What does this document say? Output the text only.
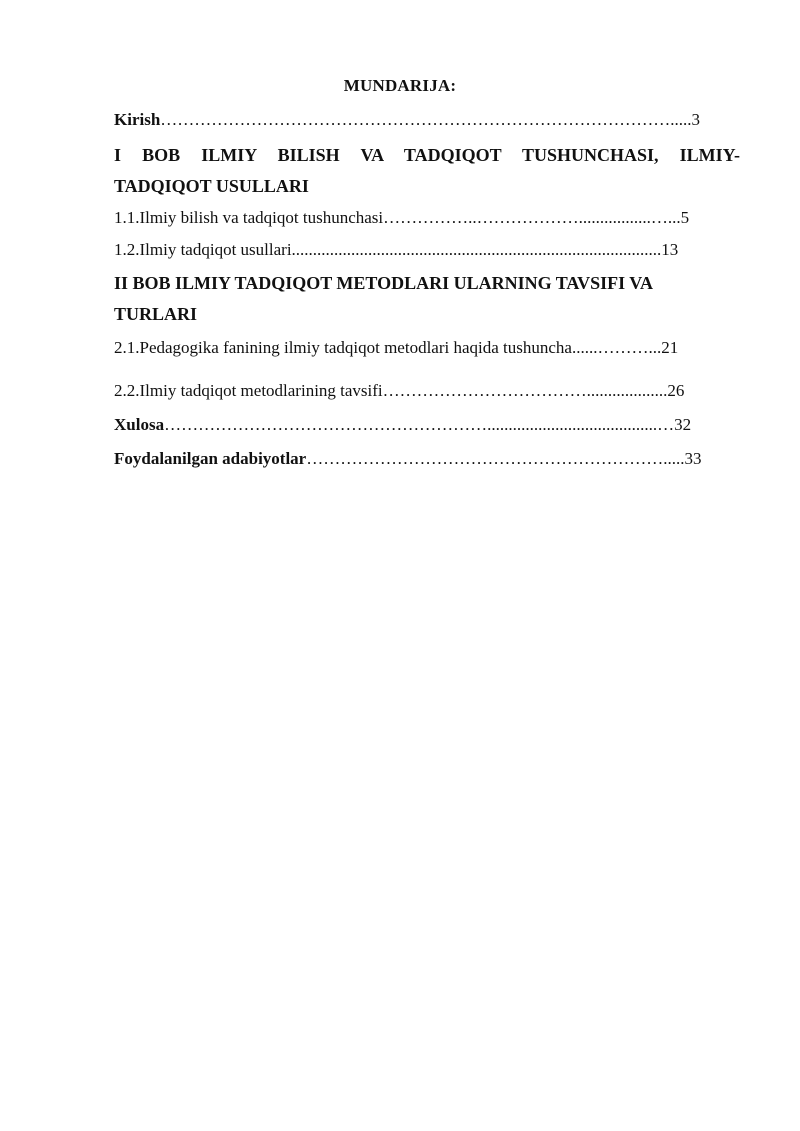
MUNDARIJA:
Kirish……………………………………………………………………………….....3
I BOB ILMIY BILISH VA TADQIQOT TUSHUNCHASI, ILMIY-
TADQIQOT USULLARI
1.1.Ilmiy bilish va tadqiqot tushunchasi……………..……………….................…...5
1.2.Ilmiy tadqiqot usullari.......................................................................................13
II BOB ILMIY TADQIQOT METODLARI ULARNING TAVSIFI VA
TURLARI
2.1.Pedagogika fanining ilmiy tadqiqot metodlari haqida tushuncha......………...21
2.2.Ilmiy tadqiqot metodlarining tavsifi………………………………...................26
Xulosa…………………………………………………........................................…32
Foydalanilgan adabiyotlar……………………………………………………….....33
